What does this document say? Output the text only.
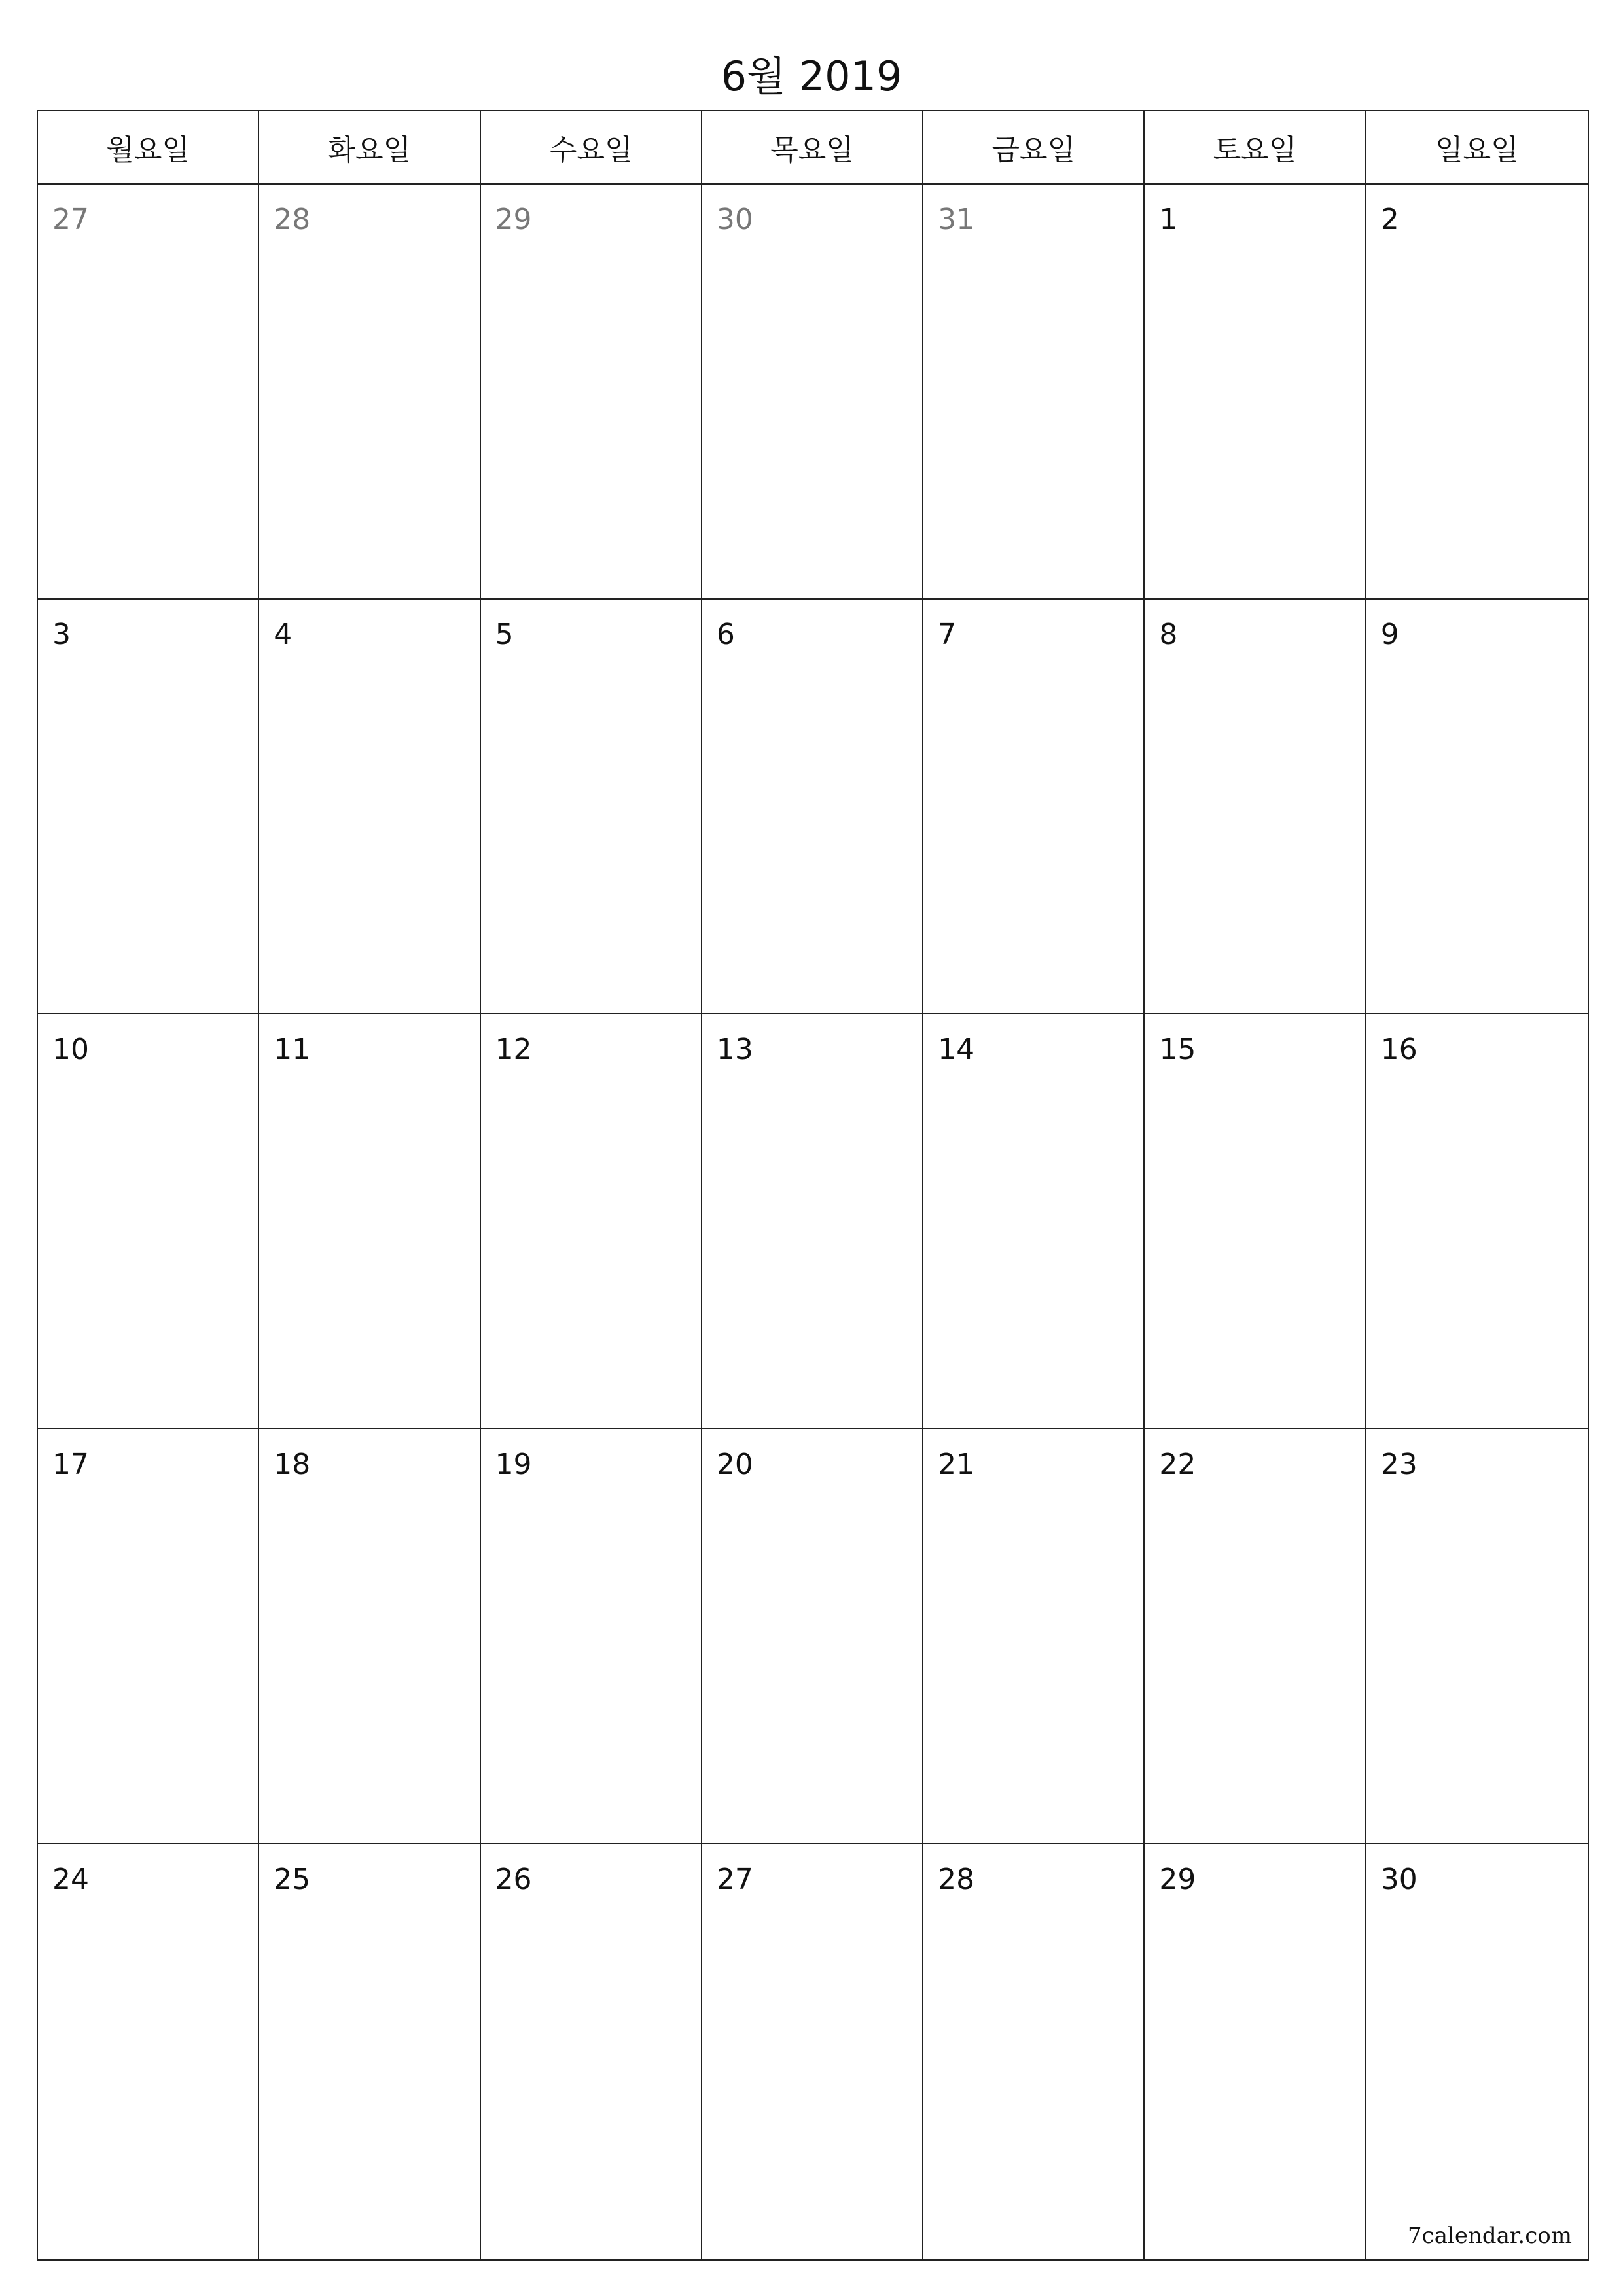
6월 2019
월요일	화요일	수요일	목요일	금요일	토요일	일요일
27	28	29	30	31	1	2
3	4	5	6	7	8	9
10	11	12	13	14	15	16
17	18	19	20	21	22	23
24	25	26	27	28	29	30
7calendar.com
